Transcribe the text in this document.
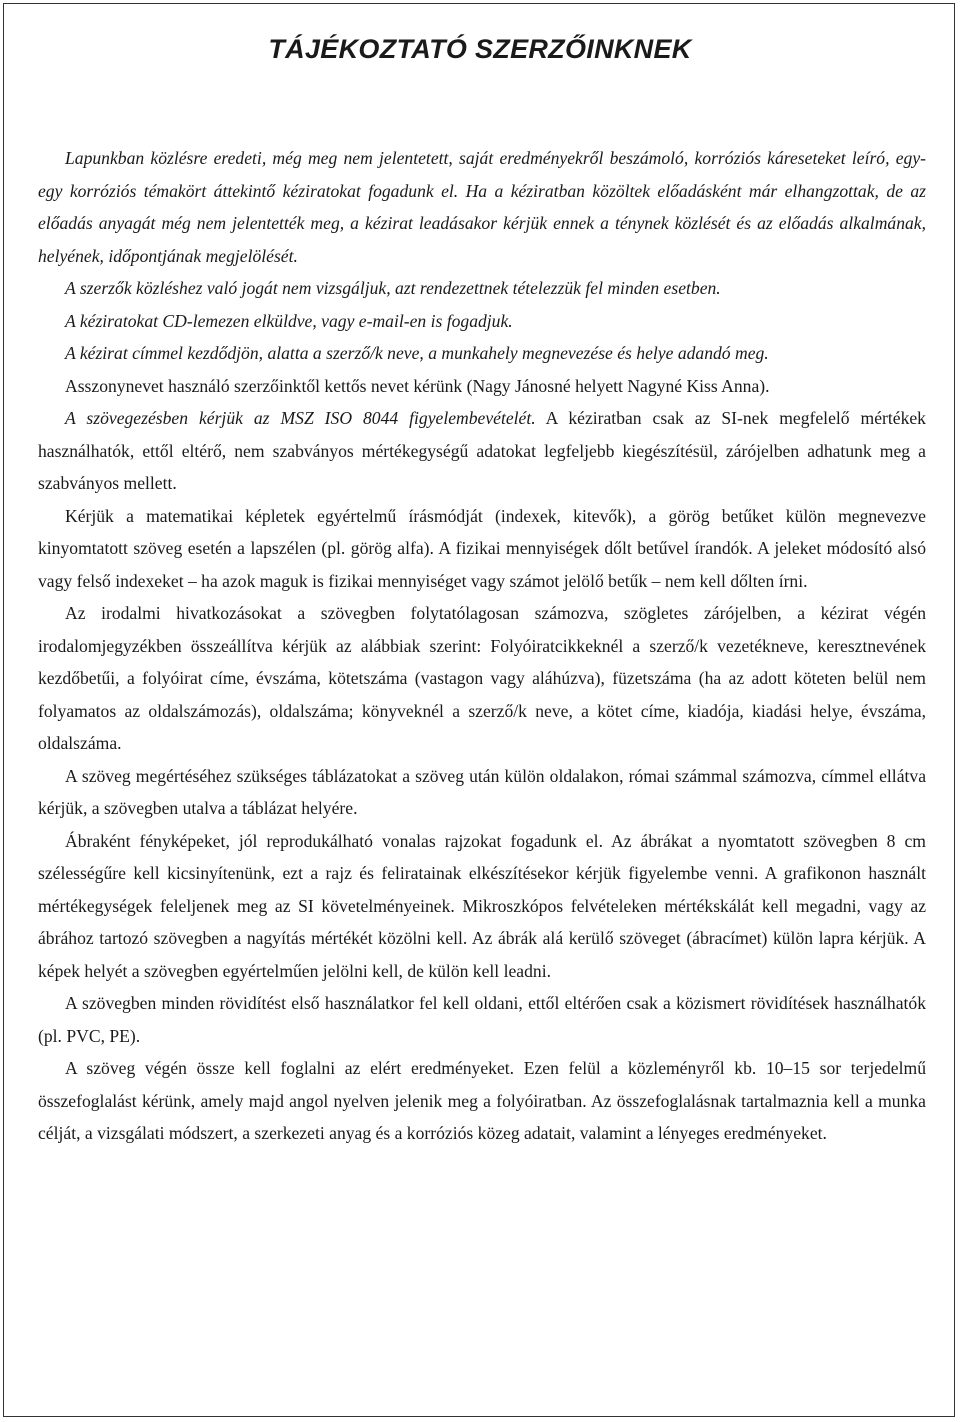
TÁJÉKOZTATÓ SZERZŐINKNEK

Lapunkban közlésre eredeti, még meg nem jelentetett, saját eredményekről beszámoló, korróziós káreseteket leíró, egy-egy korróziós témakört áttekintő kéziratokat fogadunk el. Ha a kéziratban közöltek előadásként már elhangzottak, de az előadás anyagát még nem jelentették meg, a kézirat leadásakor kérjük ennek a ténynek közlését és az előadás alkalmának, helyének, időpontjának megjelölését.

A szerzők közléshez való jogát nem vizsgáljuk, azt rendezettnek tételezzük fel minden esetben.

A kéziratokat CD-lemezen elküldve, vagy e-mail-en is fogadjuk.

A kézirat címmel kezdődjön, alatta a szerző/k neve, a munkahely megnevezése és helye adandó meg.

Asszonynevet használó szerzőinktől kettős nevet kérünk (Nagy Jánosné helyett Nagyné Kiss Anna).

A szövegezésben kérjük az MSZ ISO 8044 figyelembevételét. A kéziratban csak az SI-nek megfelelő mértékek használhatók, ettől eltérő, nem szabványos mértékegységű adatokat legfeljebb kiegészítésül, zárójelben adhatunk meg a szabványos mellett.

Kérjük a matematikai képletek egyértelmű írásmódját (indexek, kitevők), a görög betűket külön megnevezve kinyomtatott szöveg esetén a lapszélen (pl. görög alfa). A fizikai mennyiségek dőlt betűvel írandók. A jeleket módosító alsó vagy felső indexeket – ha azok maguk is fizikai mennyiséget vagy számot jelölő betűk – nem kell dőlten írni.

Az irodalmi hivatkozásokat a szövegben folytatólagosan számozva, szögletes zárójelben, a kézirat végén irodalomjegyzékben összeállítva kérjük az alábbiak szerint: Folyóiratcikkeknél a szerző/k vezetékneve, keresztnevének kezdőbetűi, a folyóirat címe, évszáma, kötetszáma (vastagon vagy aláhúzva), füzetszáma (ha az adott köteten belül nem folyamatos az oldalszámozás), oldalszáma; könyveknél a szerző/k neve, a kötet címe, kiadója, kiadási helye, évszáma, oldalszáma.

A szöveg megértéséhez szükséges táblázatokat a szöveg után külön oldalakon, római számmal számozva, címmel ellátva kérjük, a szövegben utalva a táblázat helyére.

Ábraként fényképeket, jól reprodukálható vonalas rajzokat fogadunk el. Az ábrákat a nyomtatott szövegben 8 cm szélességűre kell kicsinyítenünk, ezt a rajz és feliratainak elkészítésekor kérjük figyelembe venni. A grafikonon használt mértékegységek feleljenek meg az SI követelményeinek. Mikroszkópos felvételeken mértékskálát kell megadni, vagy az ábrához tartozó szövegben a nagyítás mértékét közölni kell. Az ábrák alá kerülő szöveget (ábracímet) külön lapra kérjük. A képek helyét a szövegben egyértelműen jelölni kell, de külön kell leadni.

A szövegben minden rövidítést első használatkor fel kell oldani, ettől eltérően csak a közismert rövidítések használhatók (pl. PVC, PE).

A szöveg végén össze kell foglalni az elért eredményeket. Ezen felül a közleményről kb. 10–15 sor terjedelmű összefoglalást kérünk, amely majd angol nyelven jelenik meg a folyóiratban. Az összefoglalásnak tartalmaznia kell a munka célját, a vizsgálati módszert, a szerkezeti anyag és a korróziós közeg adatait, valamint a lényeges eredményeket.
